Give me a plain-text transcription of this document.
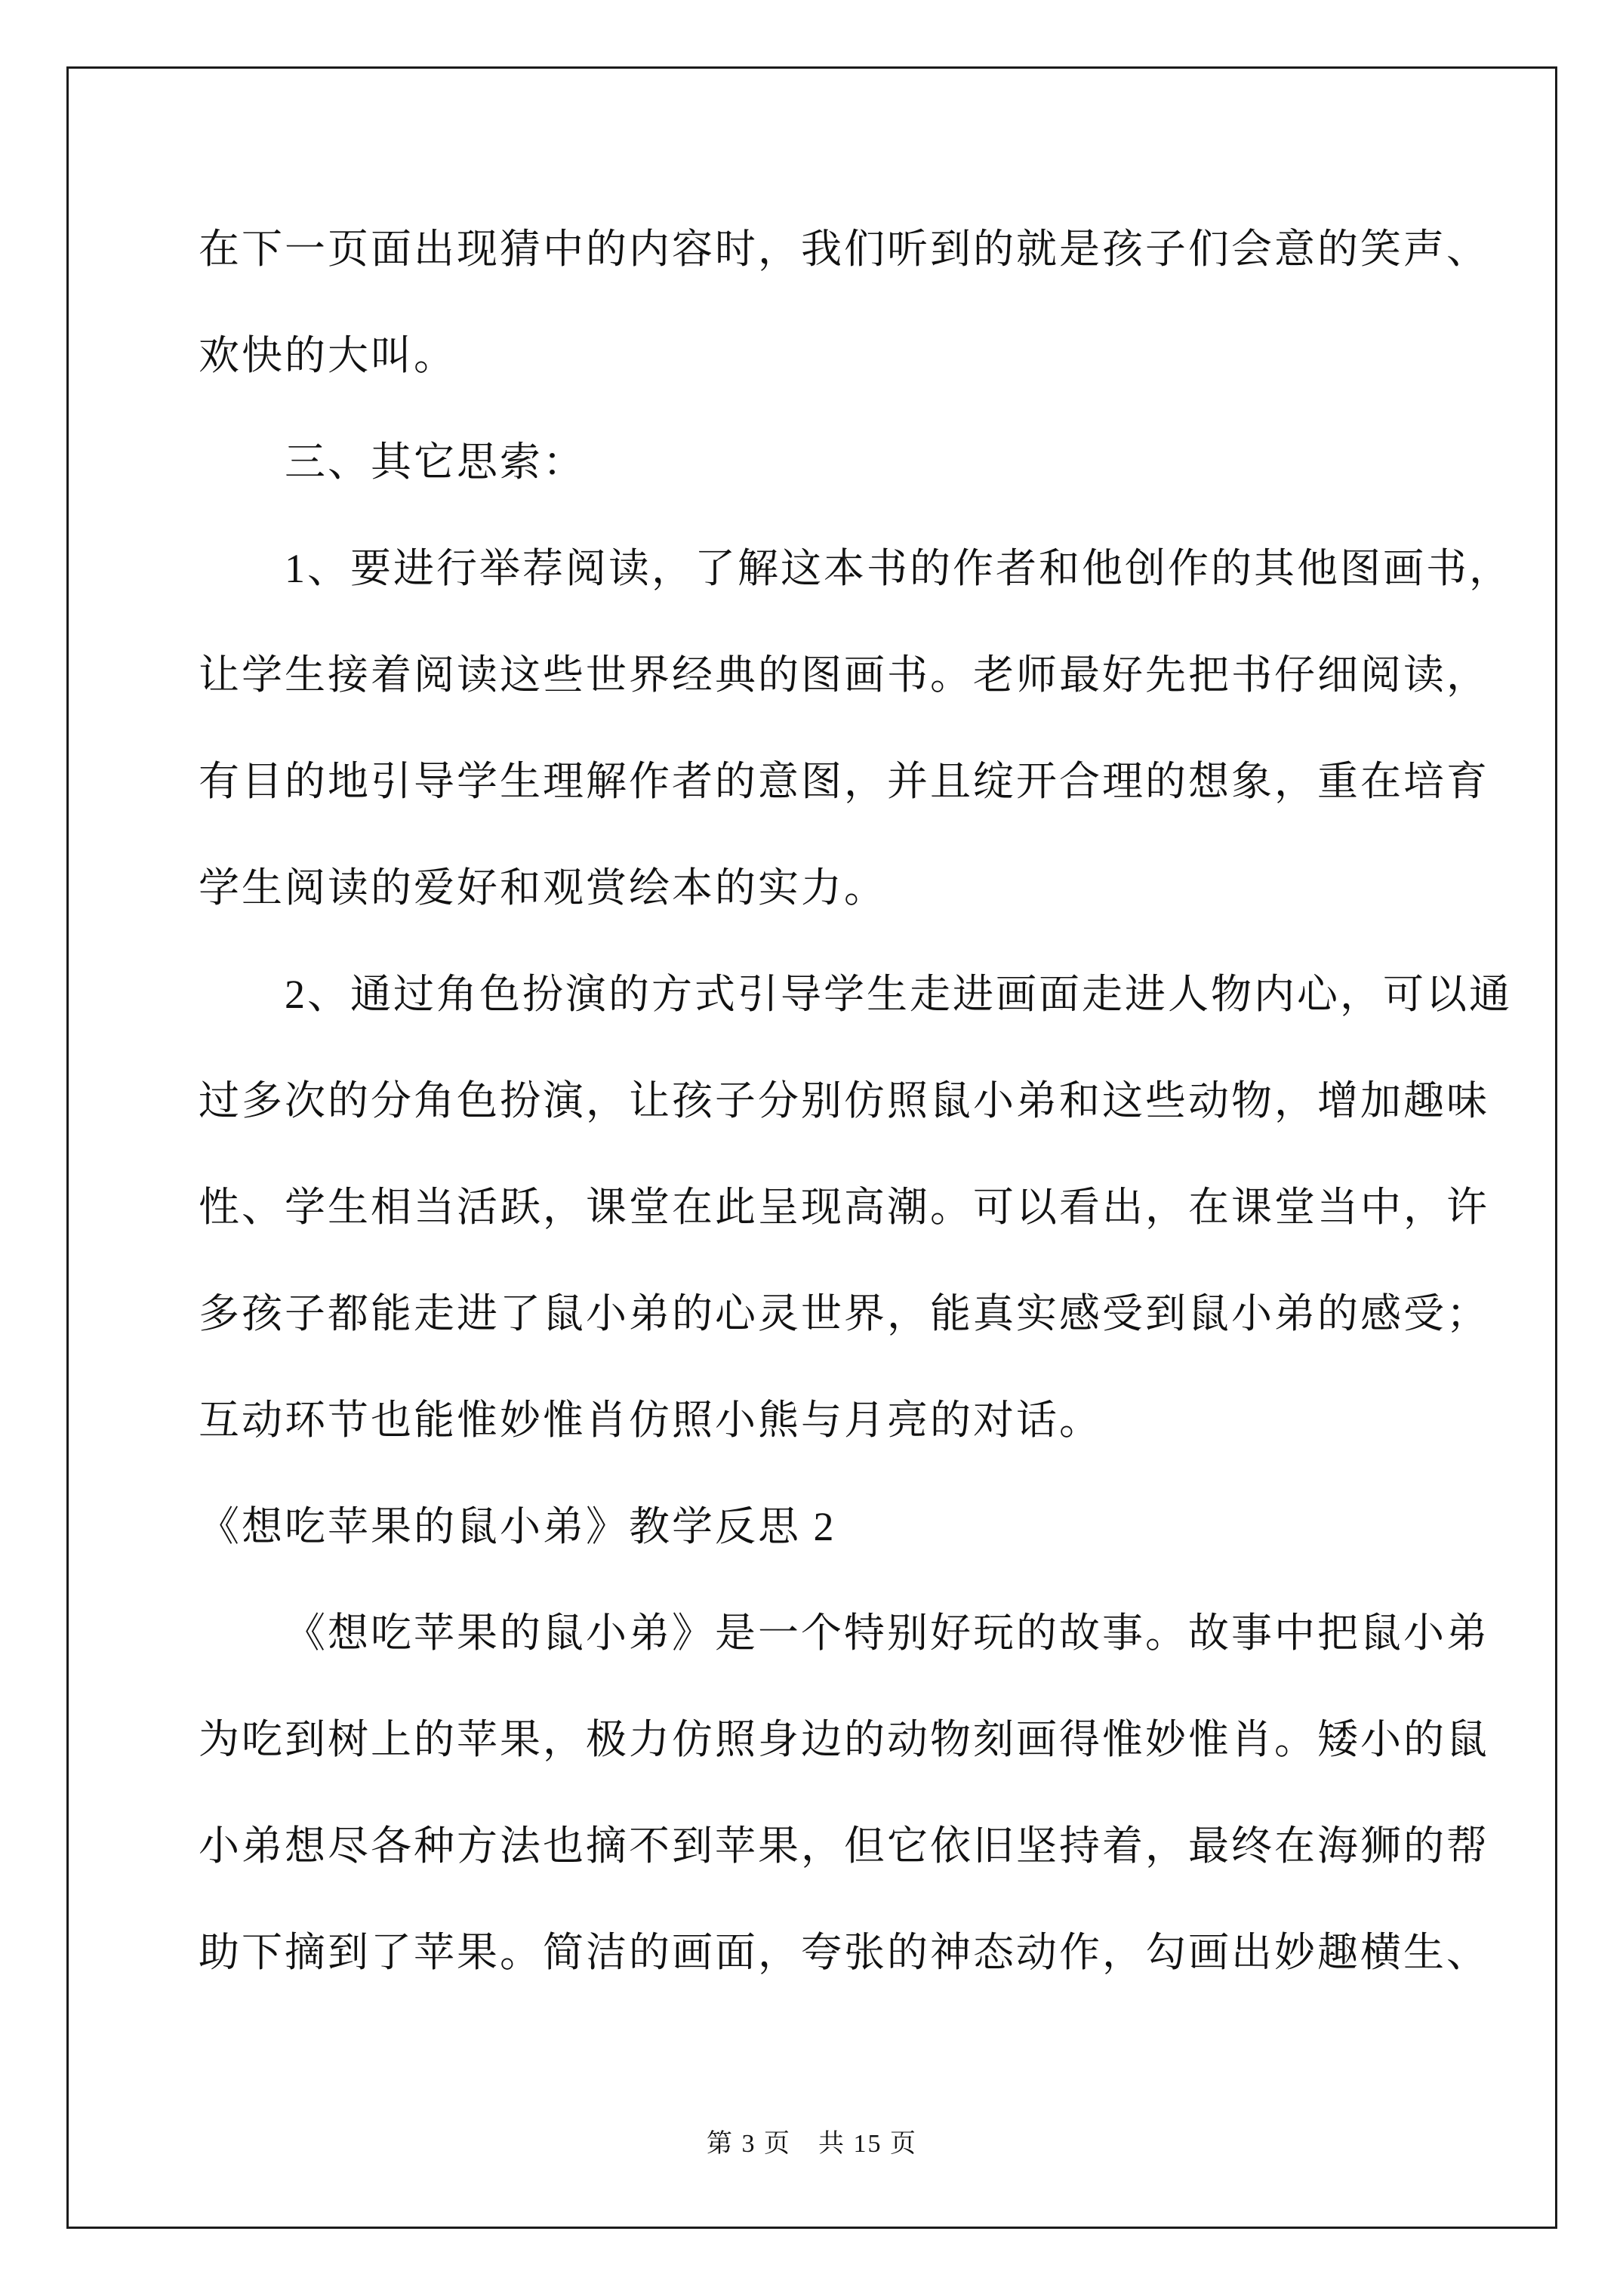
在下一页面出现猜中的内容时，我们听到的就是孩子们会意的笑声、
欢快的大叫。
三、其它思索：
1、要进行举荐阅读，了解这本书的作者和他创作的其他图画书，
让学生接着阅读这些世界经典的图画书。老师最好先把书仔细阅读，
有目的地引导学生理解作者的意图，并且绽开合理的想象，重在培育
学生阅读的爱好和观赏绘本的实力。
2、通过角色扮演的方式引导学生走进画面走进人物内心，可以通
过多次的分角色扮演，让孩子分别仿照鼠小弟和这些动物，增加趣味
性、学生相当活跃，课堂在此呈现高潮。可以看出，在课堂当中，许
多孩子都能走进了鼠小弟的心灵世界，能真实感受到鼠小弟的感受；
互动环节也能惟妙惟肖仿照小熊与月亮的对话。
《想吃苹果的鼠小弟》教学反思 2
《想吃苹果的鼠小弟》是一个特别好玩的故事。故事中把鼠小弟
为吃到树上的苹果，极力仿照身边的动物刻画得惟妙惟肖。矮小的鼠
小弟想尽各种方法也摘不到苹果，但它依旧坚持着，最终在海狮的帮
助下摘到了苹果。简洁的画面，夸张的神态动作，勾画出妙趣横生、
第 3 页　共 15 页
